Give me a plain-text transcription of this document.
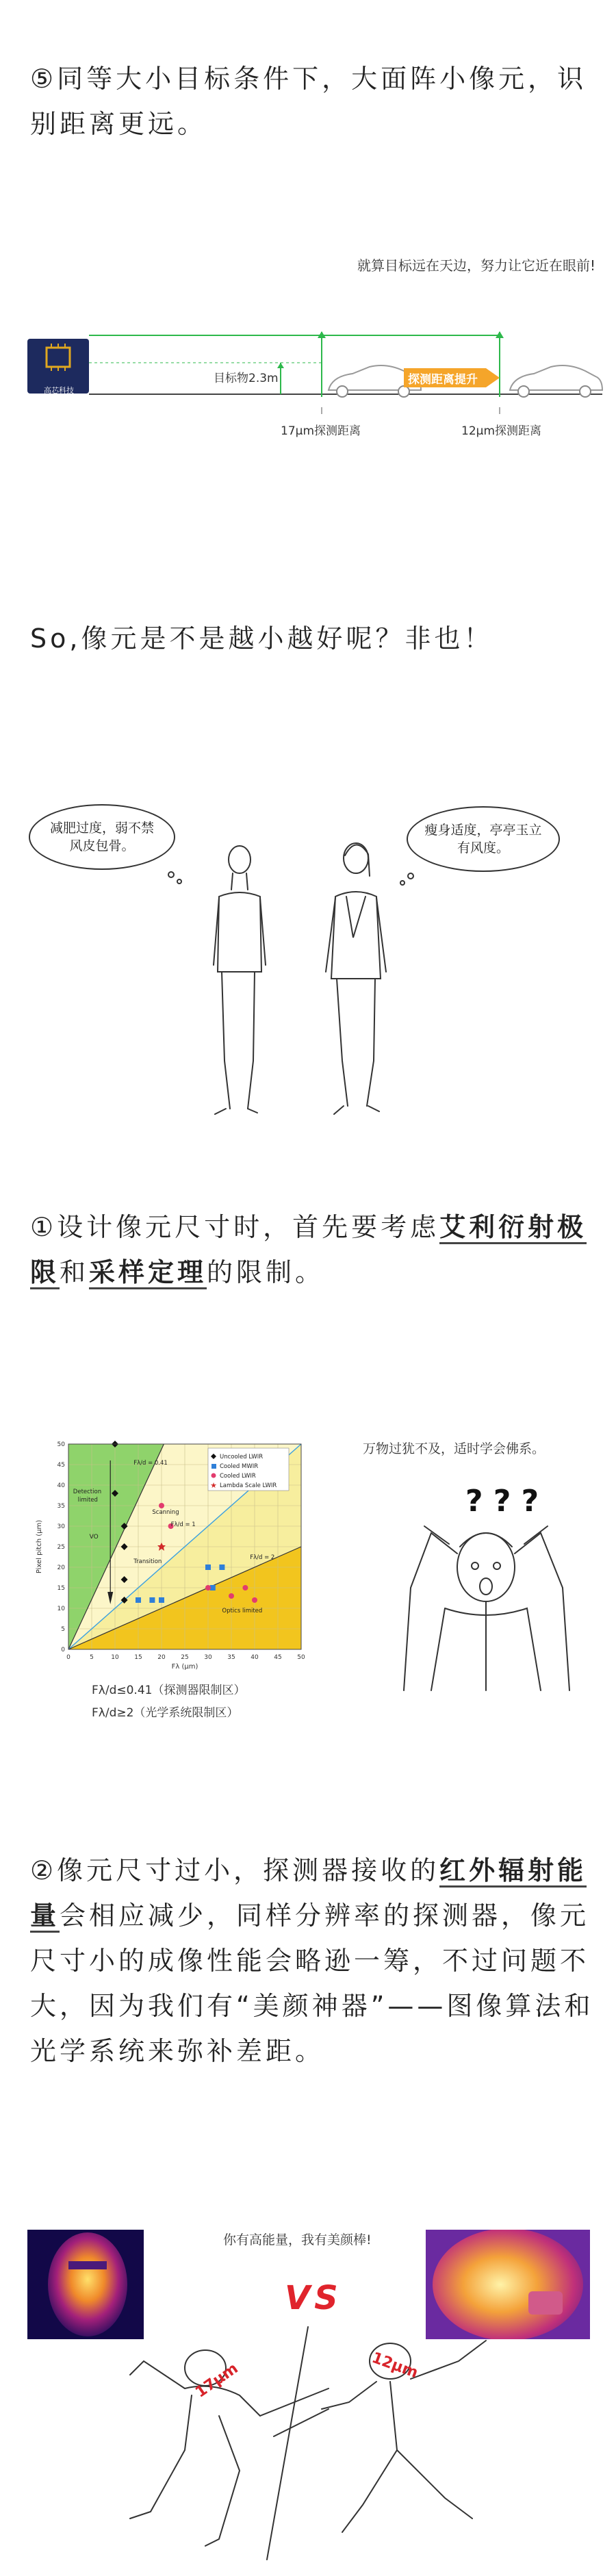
⑤同等大小目标条件下，大面阵小像元，识别距离更远。
就算目标远在天边，努力让它近在眼前!
高芯科技
目标物2.3m	探测距离提升
17μm探测距离	12μm探测距离
So,像元是不是越小越好呢？非也！
减肥过度，弱不禁风皮包骨。
瘦身适度，亭亭玉立有风度。
①设计像元尺寸时，首先要考虑艾利衍射极限和采样定理的限制。
0	5	10	15	20	25	30	35	40	45	50
0
5
10
15
20
25
30
35
40
45
50
Fλ (μm)
Pixel pitch (μm)
Uncooled LWIR
Cooled MWIR
Cooled LWIR
★ Lambda Scale LWIR
Fλ/d = 0.41
Fλ/d = 1
Fλ/d = 2
Detection
limited
Transition
Optics limited
Scanning
VO
Fλ/d≤0.41（探测器限制区）
Fλ/d≥2（光学系统限制区）
万物过犹不及，适时学会佛系。
? ? ?
②像元尺寸过小，探测器接收的红外辐射能量会相应减少，同样分辨率的探测器，像元尺寸小的成像性能会略逊一筹，不过问题不大，因为我们有“美颜神器”——图像算法和光学系统来弥补差距。
你有高能量，我有美颜棒!
VS
17μm	12μm
